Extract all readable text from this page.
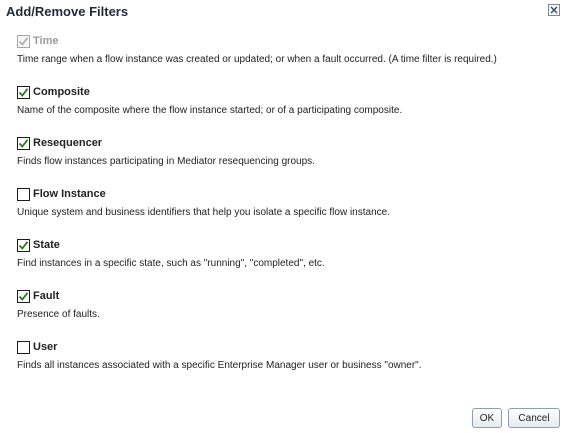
Add/Remove Filters
Time
Time range when a flow instance was created or updated; or when a fault occurred. (A time filter is required.)
Composite
Name of the composite where the flow instance started; or of a participating composite.
Resequencer
Finds flow instances participating in Mediator resequencing groups.
Flow Instance
Unique system and business identifiers that help you isolate a specific flow instance.
State
Find instances in a specific state, such as "running", "completed", etc.
Fault
Presence of faults.
User
Finds all instances associated with a specific Enterprise Manager user or business "owner".
OK	Cancel
